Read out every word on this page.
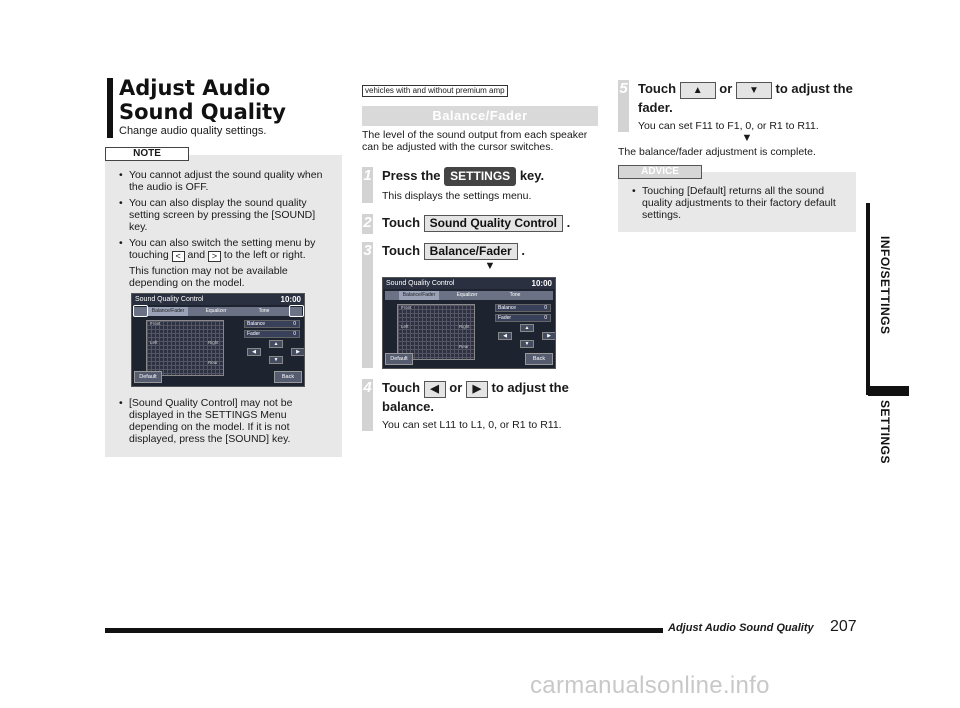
Adjust Audio Sound Quality
Change audio quality settings.
NOTE
• You cannot adjust the sound quality when the audio is OFF.
• You can also display the sound quality setting screen by pressing the [SOUND] key.
• You can also switch the setting menu by touching < and > to the left or right.
This function may not be available depending on the model.
Sound Quality Control	10:00
Balance/Fader	Equalizer	Tone
Front
Left	Right
Rear
Balance	0
Fader	0
▲
◀	▶
▼
Default	Back
• [Sound Quality Control] may not be displayed in the SETTINGS Menu depending on the model. If it is not displayed, press the [SOUND] key.
vehicles with and without premium amp
Balance/Fader
The level of the sound output from each speaker can be adjusted with the cursor switches.
1 Press the SETTINGS key.
This displays the settings menu.
2 Touch Sound Quality Control .
3 Touch Balance/Fader .
▼
Sound Quality Control	10:00
Balance/Fader	Equalizer	Tone
Front
Left	Right
Rear
Balance	0
Fader	0
▲
◀	▶
▼
Default	Back
4 Touch ◀ or ▶ to adjust the balance.
You can set L11 to L1, 0, or R1 to R11.
5 Touch ▲ or ▼ to adjust the fader.
You can set F11 to F1, 0, or R1 to R11.
▼
The balance/fader adjustment is complete.
ADVICE
• Touching [Default] returns all the sound quality adjustments to their factory default settings.
INFO/SETTINGS
SETTINGS
Adjust Audio Sound Quality 207
carmanualsonline.info
